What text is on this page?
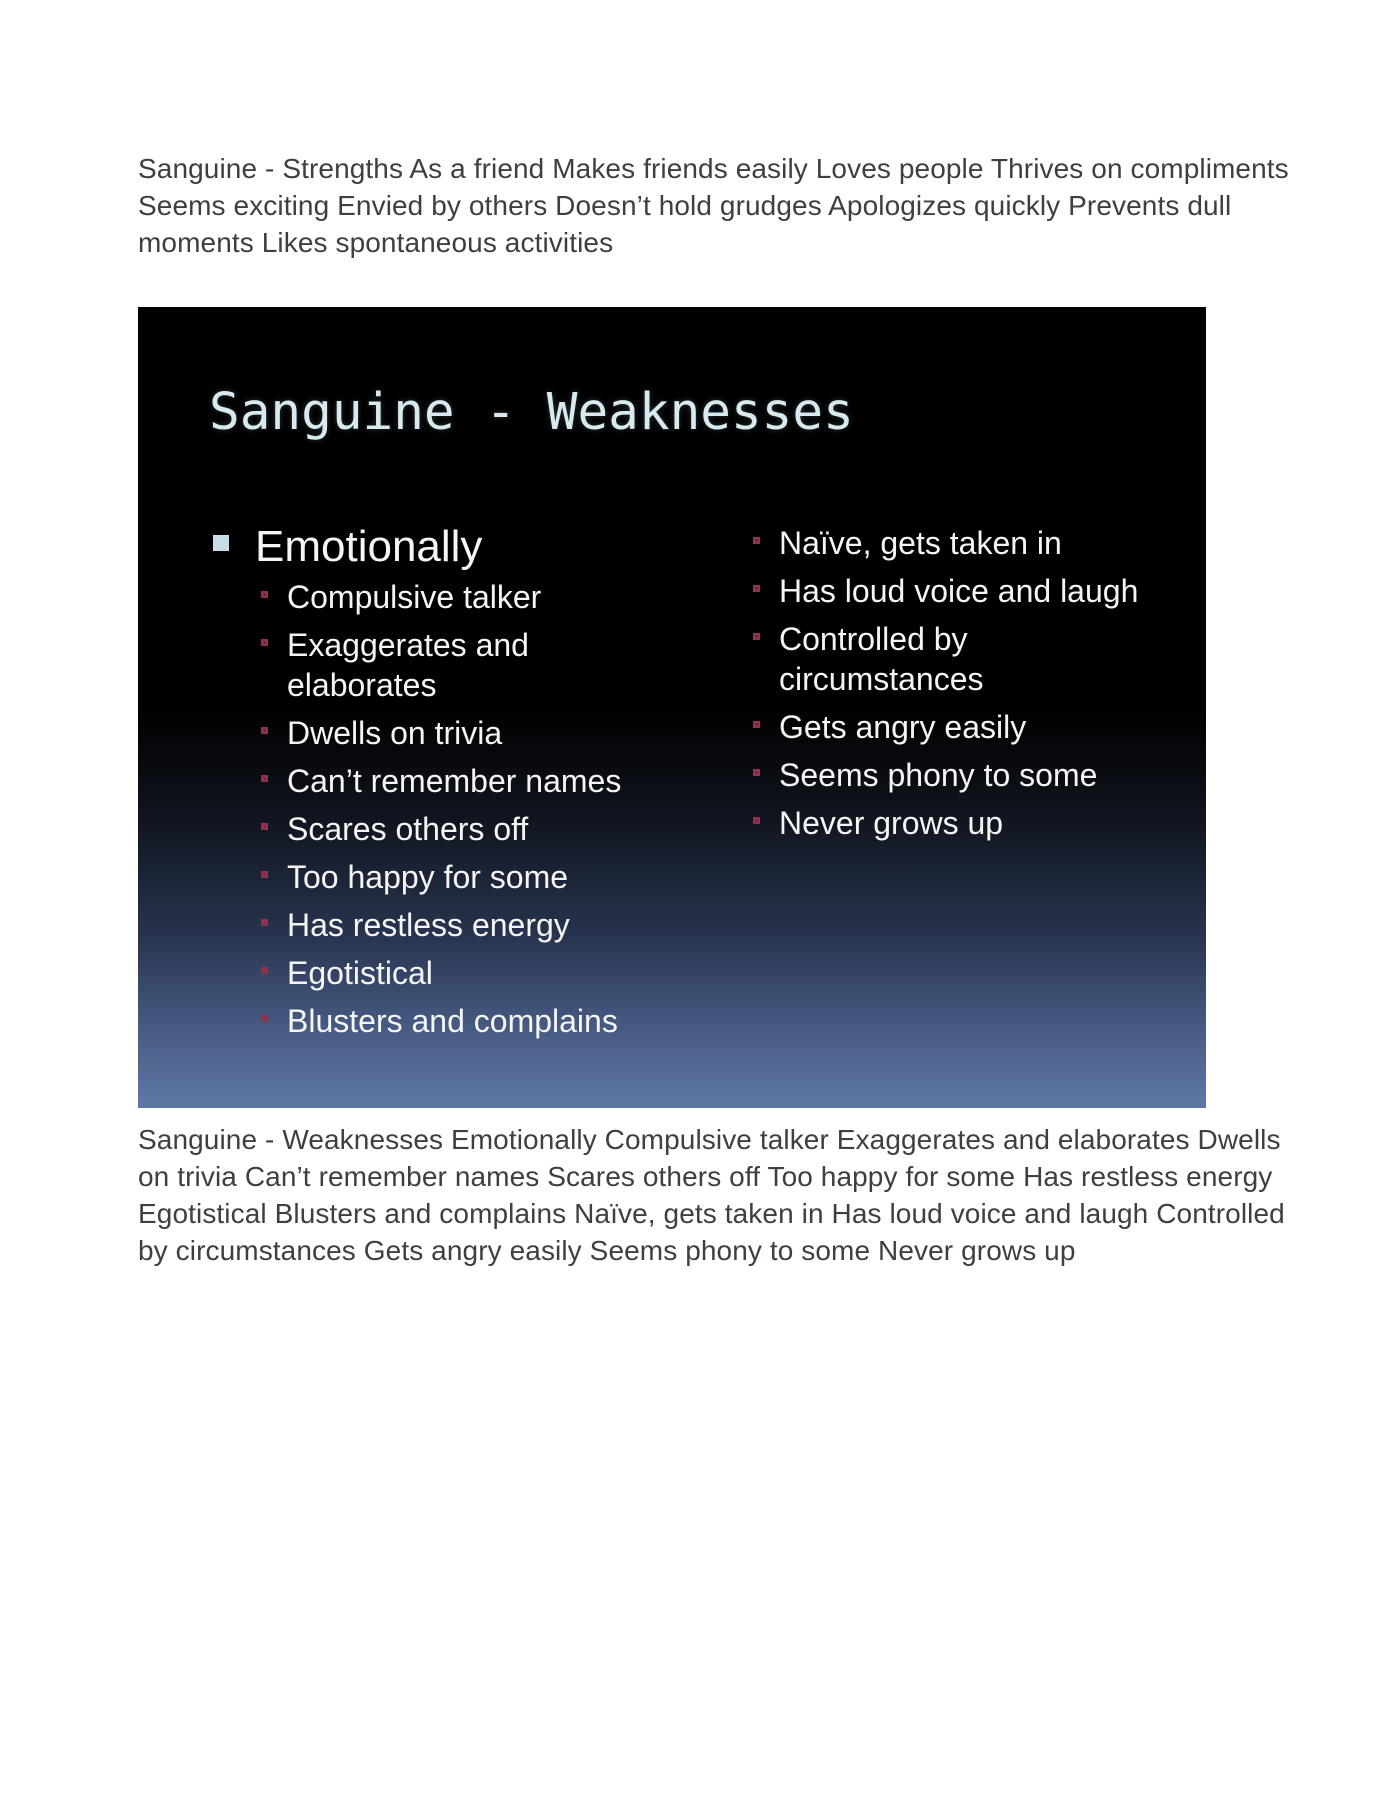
Sanguine - Strengths As a friend Makes friends easily Loves people Thrives on compliments
Seems exciting Envied by others Doesn’t hold grudges Apologizes quickly Prevents dull
moments Likes spontaneous activities
Sanguine - Weaknesses
Emotionally
Compulsive talker
Exaggerates and
elaborates
Dwells on trivia
Can’t remember names
Scares others off
Too happy for some
Has restless energy
Egotistical
Blusters and complains
Naïve, gets taken in
Has loud voice and laugh
Controlled by
circumstances
Gets angry easily
Seems phony to some
Never grows up
Sanguine - Weaknesses Emotionally Compulsive talker Exaggerates and elaborates Dwells
on trivia Can’t remember names Scares others off Too happy for some Has restless energy
Egotistical Blusters and complains Naïve, gets taken in Has loud voice and laugh Controlled
by circumstances Gets angry easily Seems phony to some Never grows up
